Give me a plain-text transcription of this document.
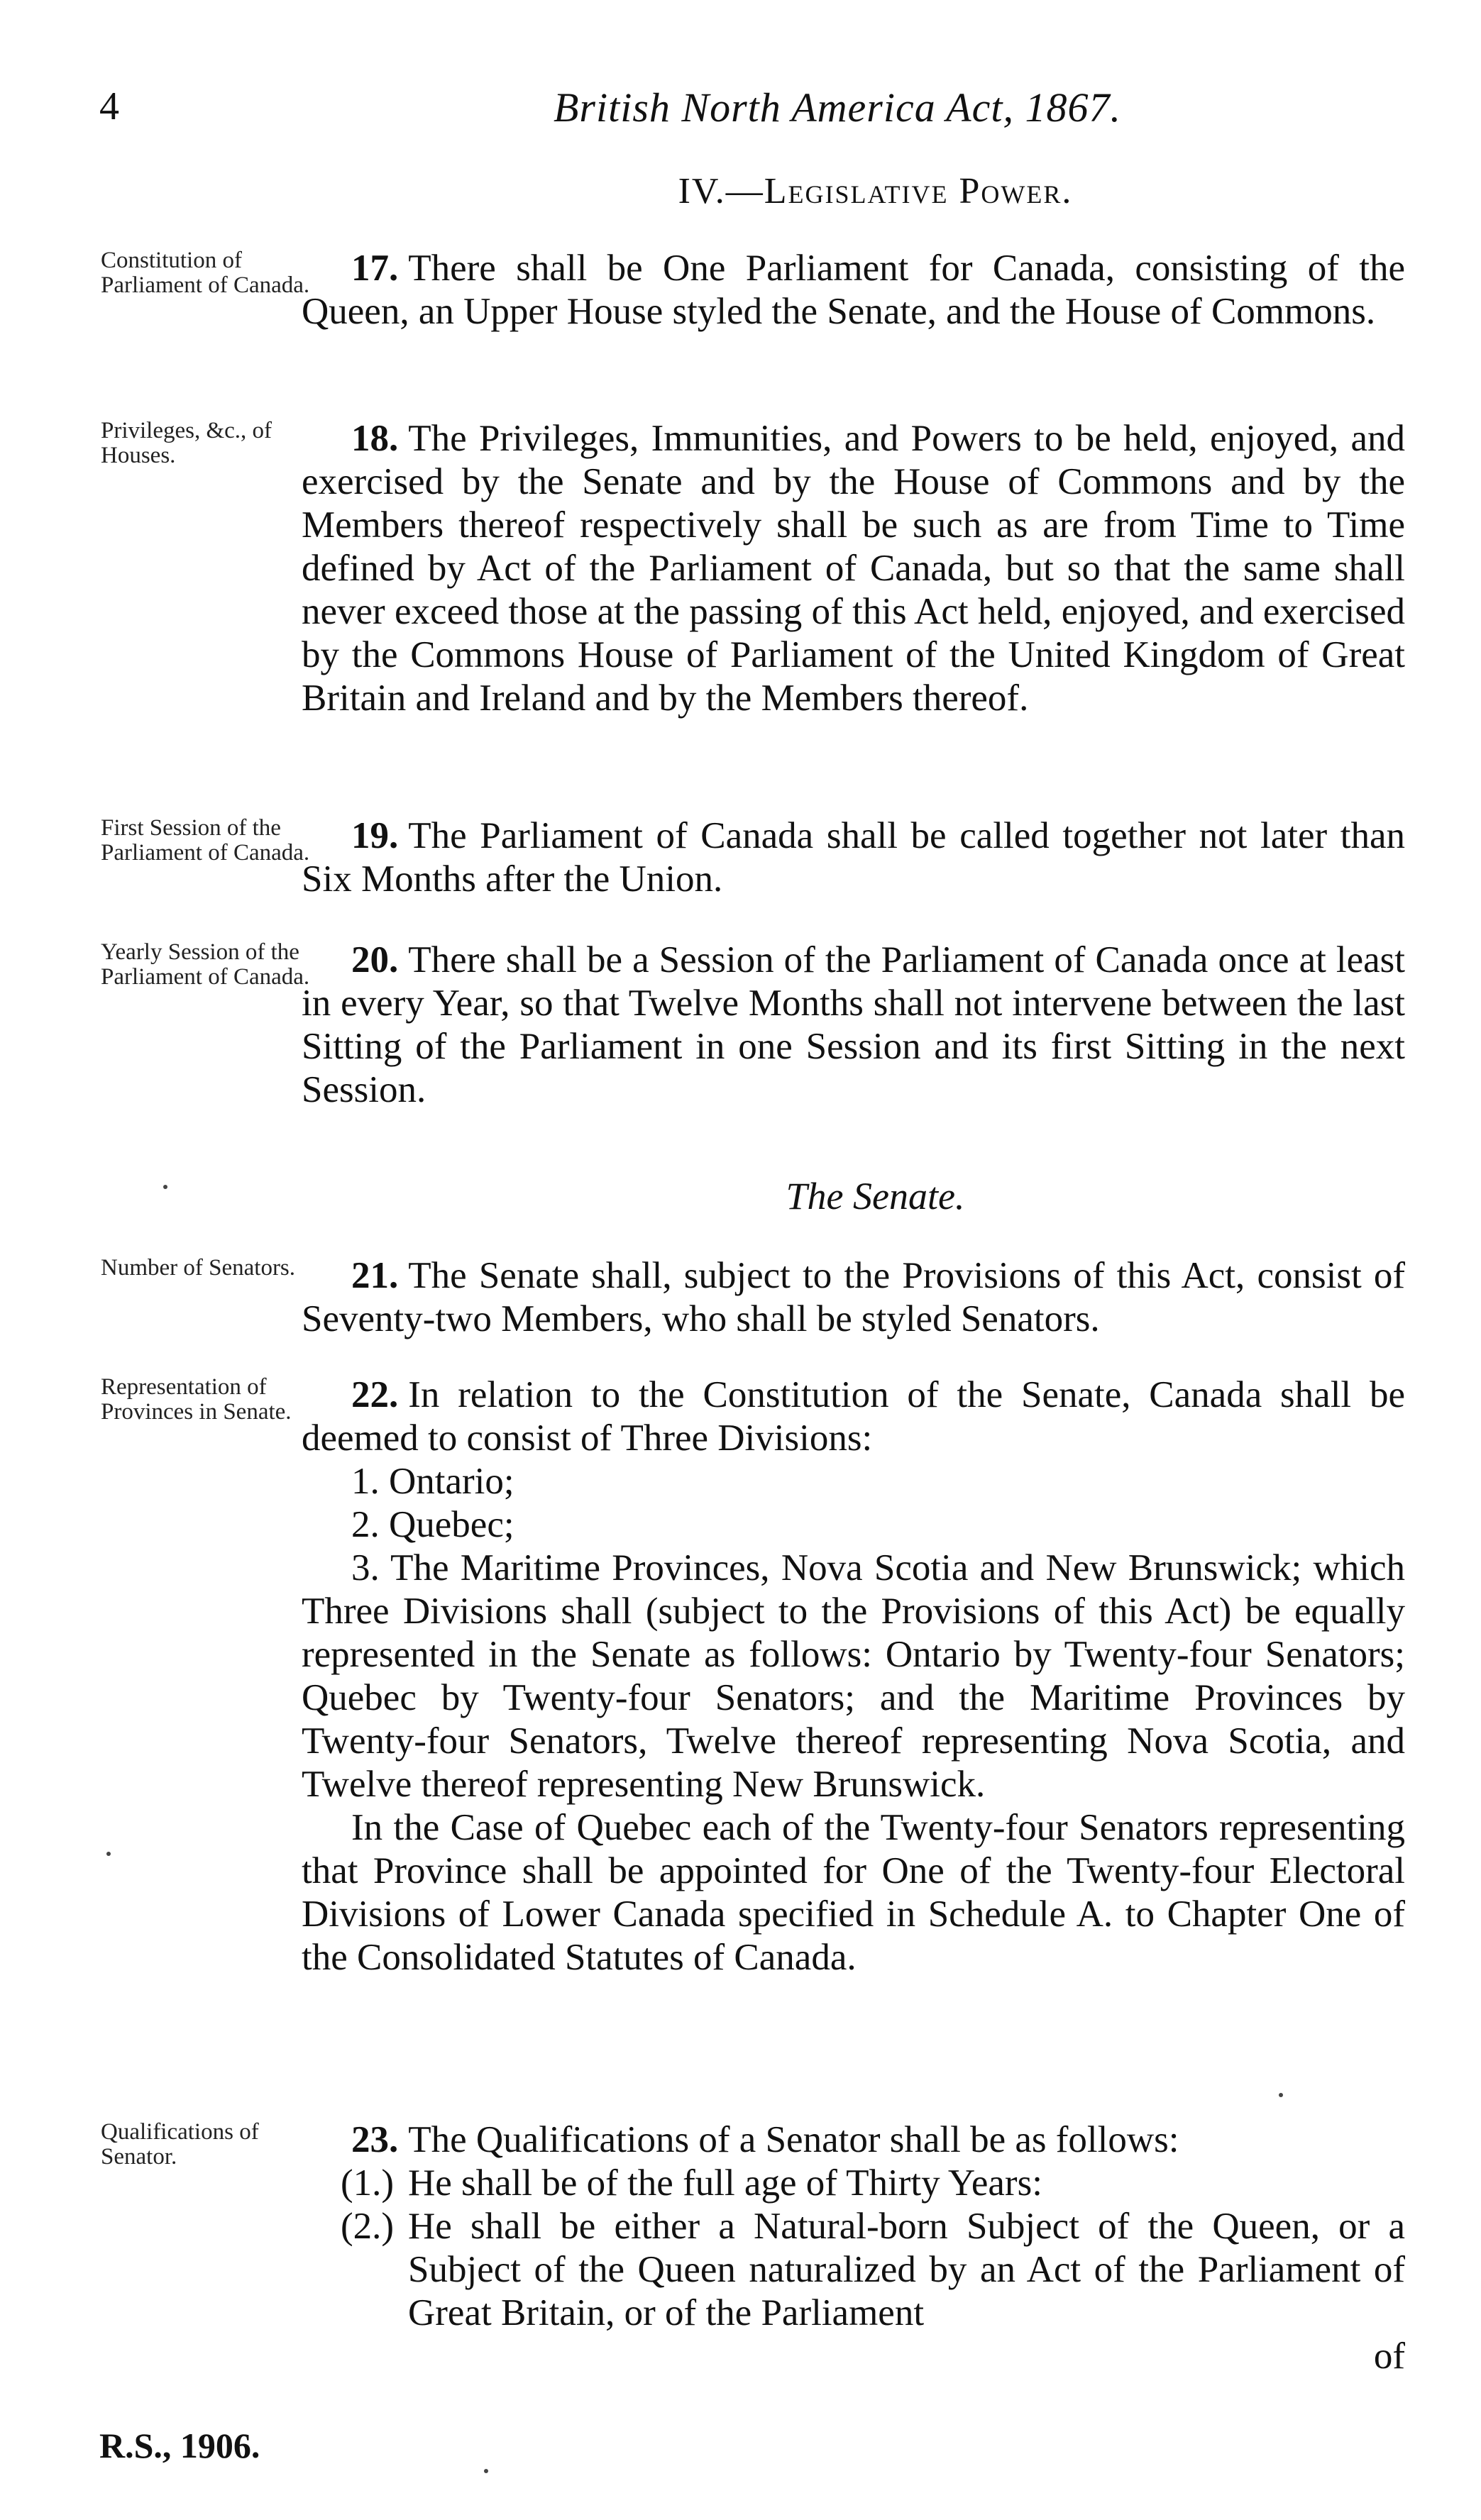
4	British North America Act, 1867.
IV.—Legislative Power.
Constitution of Parliament of Canada.	17. There shall be One Parliament for Canada, consisting of the Queen, an Upper House styled the Senate, and the House of Commons.

Privileges, &c., of Houses.	18. The Privileges, Immunities, and Powers to be held, enjoyed, and exercised by the Senate and by the House of Commons and by the Members thereof respectively shall be such as are from Time to Time defined by Act of the Parliament of Canada, but so that the same shall never exceed those at the passing of this Act held, enjoyed, and exercised by the Commons House of Parliament of the United Kingdom of Great Britain and Ireland and by the Members thereof.

First Session of the Parliament of Canada.	19. The Parliament of Canada shall be called together not later than Six Months after the Union.

Yearly Session of the Parliament of Canada.	20. There shall be a Session of the Parliament of Canada once at least in every Year, so that Twelve Months shall not intervene between the last Sitting of the Parliament in one Session and its first Sitting in the next Session.

The Senate.
Number of Senators.	21. The Senate shall, subject to the Provisions of this Act, consist of Seventy-two Members, who shall be styled Senators.

Representation of Provinces in Senate.	22. In relation to the Constitution of the Senate, Canada shall be deemed to consist of Three Divisions:

1. Ontario;
2. Quebec;
3. The Maritime Provinces, Nova Scotia and New Brunswick; which Three Divisions shall (subject to the Provisions of this Act) be equally represented in the Senate as follows: Ontario by Twenty-four Senators; Quebec by Twenty-four Senators; and the Maritime Provinces by Twenty-four Senators, Twelve thereof representing Nova Scotia, and Twelve thereof representing New Brunswick.
In the Case of Quebec each of the Twenty-four Senators representing that Province shall be appointed for One of the Twenty-four Electoral Divisions of Lower Canada specified in Schedule A. to Chapter One of the Consolidated Statutes of Canada.
Qualifications of Senator.	23. The Qualifications of a Senator shall be as follows:

(1.) He shall be of the full age of Thirty Years:
(2.) He shall be either a Natural-born Subject of the Queen, or a Subject of the Queen naturalized by an Act of the Parliament of Great Britain, or of the Parliament
of
R.S., 1906.
